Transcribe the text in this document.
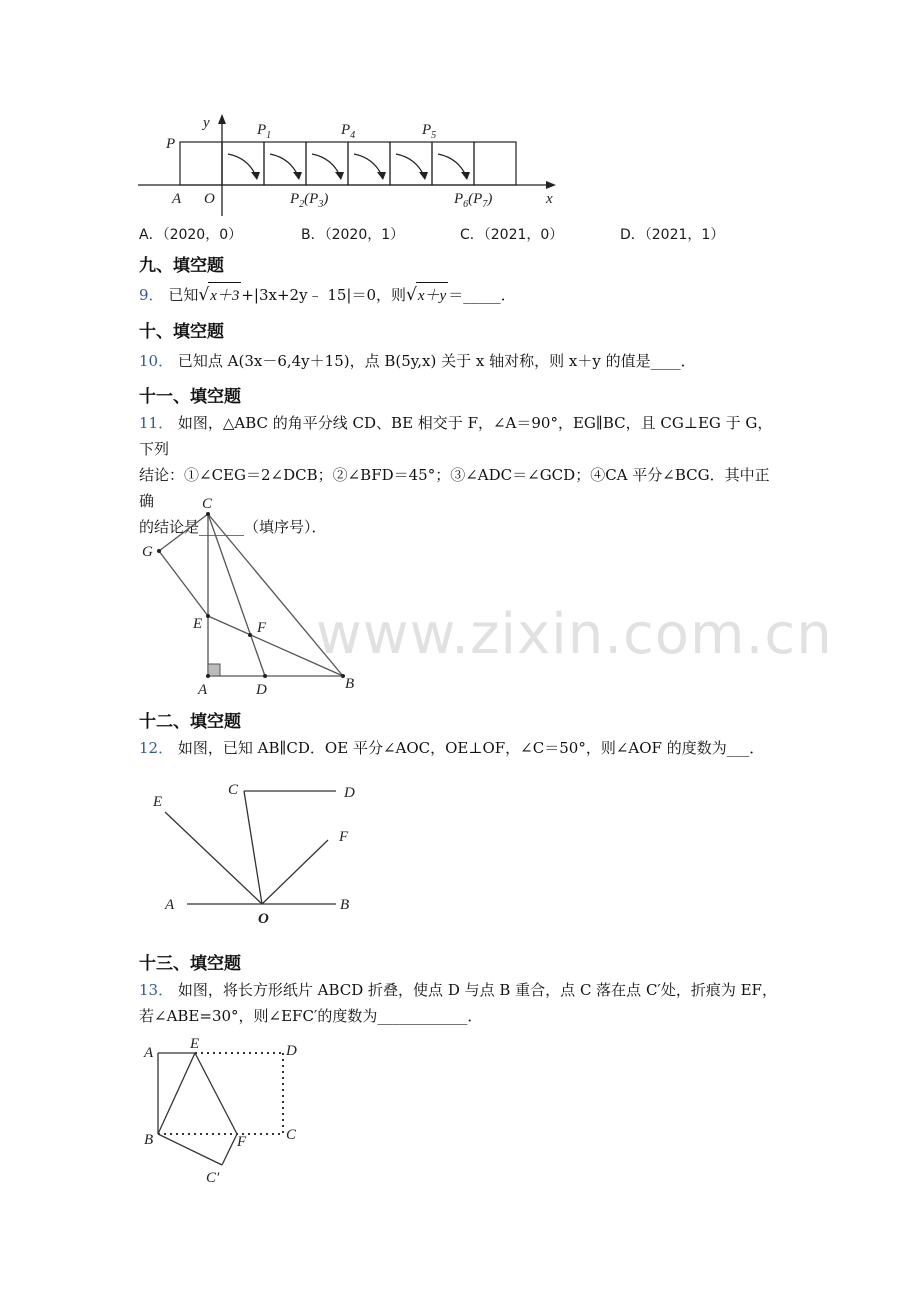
y
x
P
A O
$P_1$	$P_4$	$P_5$
$P_2(P_3)$	$P_6(P_7)$
A．（2020，0）	B．（2020，1）	C．（2021，0）	D．（2021，1）
九、填空题
9． 已知√x＋3 +|3x+2y﹣ 15|＝0，则√x＋y ＝_____．
十、填空题
10． 已知点 A(3x－6,4y＋15)，点 B(5y,x) 关于 x 轴对称，则 x＋y 的值是____．
十一、填空题
11． 如图，△ABC 的角平分线 CD、BE 相交于 F，∠A＝90°，EG∥BC，且 CG⊥EG 于 G，下列
结论：①∠CEG＝2∠DCB；②∠BFD＝45°；③∠ADC＝∠GCD；④CA 平分∠BCG．其中正确
的结论是______（填序号）．
C
G
E	F
A	D	B
www.zixin.com.cn
十二、填空题
12． 如图，已知 AB∥CD．OE 平分∠AOC，OE⊥OF，∠C＝50°，则∠AOF 的度数为___．
E
C	D
F
A
O
B
十三、填空题
13． 如图，将长方形纸片 ABCD 折叠，使点 D 与点 B 重合，点 C 落在点 C′处，折痕为 EF，
若∠ABE=30°，则∠EFC′的度数为____________．
A
E	D
B	F	C
C′
